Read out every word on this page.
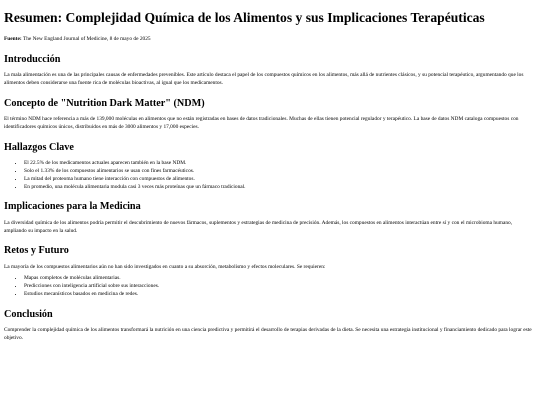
Resumen: Complejidad Química de los Alimentos y sus Implicaciones Terapéuticas

Fuente: The New England Journal of Medicine, 8 de mayo de 2025

Introducción

La mala alimentación es una de las principales causas de enfermedades prevenibles. Este artículo destaca el papel de los compuestos químicos en los alimentos, más allá de nutrientes clásicos, y su potencial terapéutico, argumentando que los alimentos deben considerarse una fuente rica de moléculas bioactivas, al igual que los medicamentos.

Concepto de "Nutrition Dark Matter" (NDM)

El término NDM hace referencia a más de 139,000 moléculas en alimentos que no están registradas en bases de datos tradicionales. Muchas de ellas tienen potencial regulador y terapéutico. La base de datos NDM cataloga compuestos con identificadores químicos únicos, distribuidos en más de 3000 alimentos y 17,000 especies.

Hallazgos Clave
• El 22.5% de los medicamentos actuales aparecen también en la base NDM.
• Solo el 1.33% de los compuestos alimentarios se usan con fines farmacéuticos.
• La mitad del proteoma humano tiene interacción con compuestos de alimentos.
• En promedio, una molécula alimentaria modula casi 3 veces más proteínas que un fármaco tradicional.
Implicaciones para la Medicina

La diversidad química de los alimentos podría permitir el descubrimiento de nuevos fármacos, suplementos y estrategias de medicina de precisión. Además, los compuestos en alimentos interactúan entre sí y con el microbioma humano, ampliando su impacto en la salud.

Retos y Futuro

La mayoría de los compuestos alimentarios aún no han sido investigados en cuanto a su absorción, metabolismo y efectos moleculares. Se requieren:

• Mapas completos de moléculas alimentarias.
• Predicciones con inteligencia artificial sobre sus interacciones.
• Estudios mecanísticos basados en medicina de redes.
Conclusión

Comprender la complejidad química de los alimentos transformará la nutrición en una ciencia predictiva y permitirá el desarrollo de terapias derivadas de la dieta. Se necesita una estrategia institucional y financiamiento dedicado para lograr este objetivo.
